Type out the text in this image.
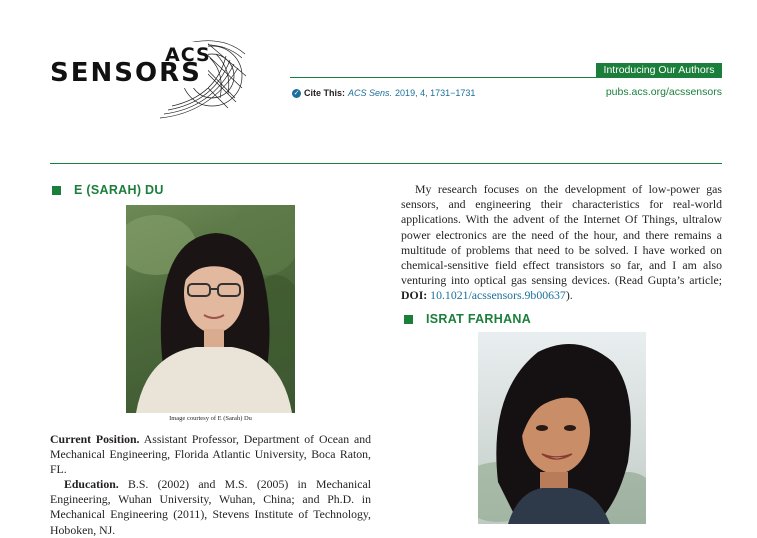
ACS
SENSORS	Introducing Our Authors
✓ Cite This: ACS Sens. 2019, 4, 1731−1731	pubs.acs.org/acssensors
E (SARAH) DU
Image courtesy of E (Sarah) Du
Current Position. Assistant Professor, Department of Ocean and Mechanical Engineering, Florida Atlantic University, Boca Raton, FL.
Education. B.S. (2002) and M.S. (2005) in Mechanical Engineering, Wuhan University, Wuhan, China; and Ph.D. in Mechanical Engineering (2011), Stevens Institute of Technology, Hoboken, NJ.
My research focuses on the development of low-power gas sensors, and engineering their characteristics for real-world applications. With the advent of the Internet Of Things, ultralow power electronics are the need of the hour, and there remains a multitude of problems that need to be solved. I have worked on chemical-sensitive field effect transistors so far, and I am also venturing into optical gas sensing devices. (Read Gupta’s article; DOI: 10.1021/acssensors.9b00637).
ISRAT FARHANA
